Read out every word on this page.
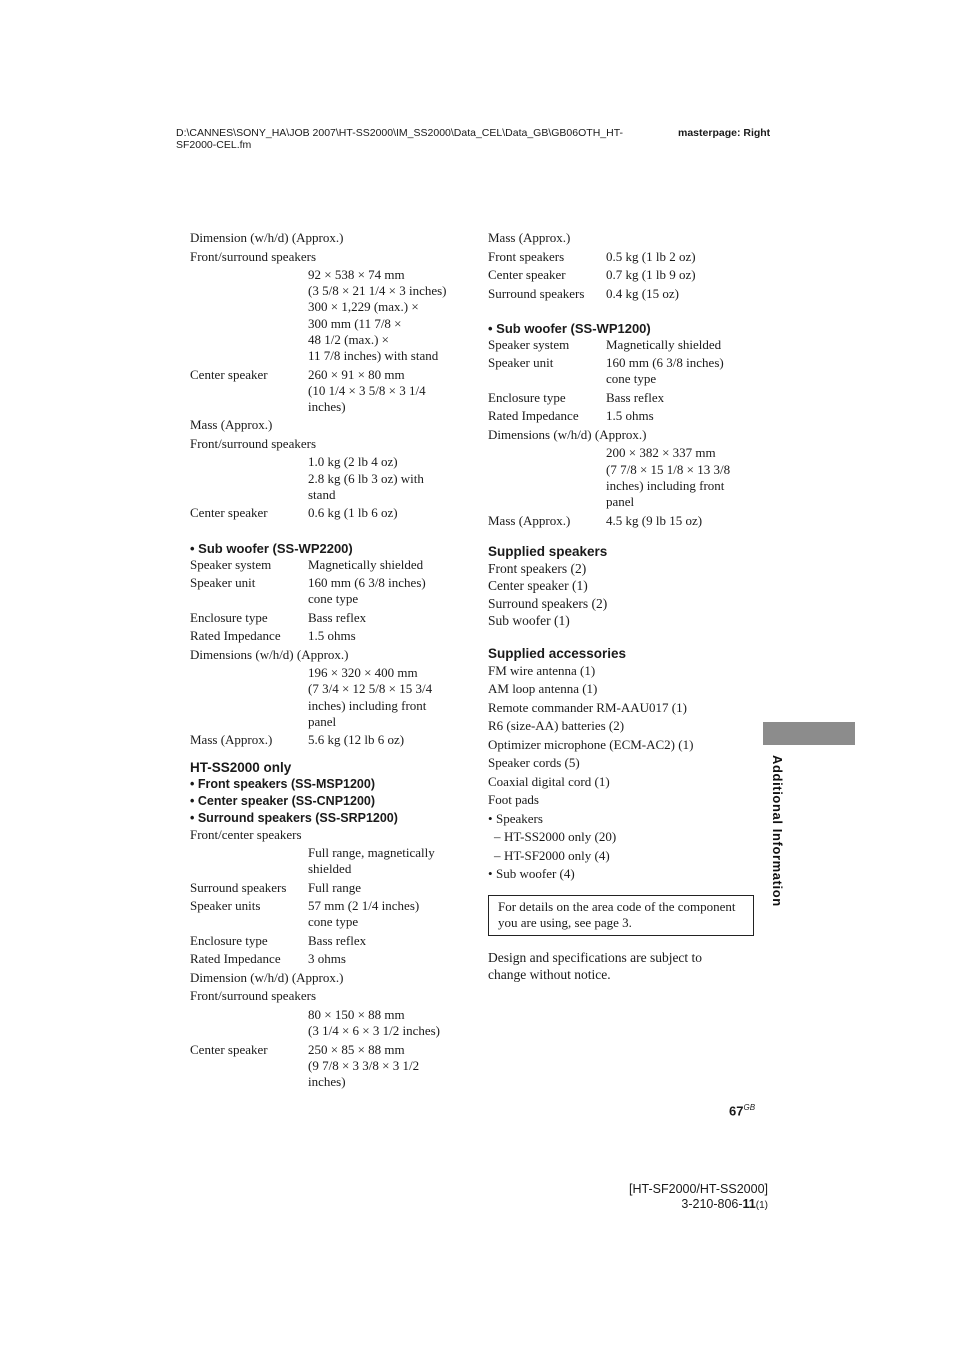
D:\CANNES\SONY_HA\JOB 2007\HT-SS2000\IM_SS2000\Data_CEL\Data_GB\GB06OTH_HT-
SF2000-CEL.fm
masterpage: Right
Dimension (w/h/d) (Approx.)
Front/surround speakers
92 × 538 × 74 mm
(3 5/8 × 21 1/4 × 3 inches)
300 × 1,229 (max.) ×
300 mm (11 7/8 ×
48 1/2 (max.) ×
11 7/8 inches) with stand
Center speaker	260 × 91 × 80 mm
(10 1/4 × 3 5/8 × 3 1/4
inches)
Mass (Approx.)
Front/surround speakers
1.0 kg (2 lb 4 oz)
2.8 kg (6 lb 3 oz) with
stand
Center speaker	0.6 kg (1 lb 6 oz)
• Sub woofer (SS-WP2200)
Speaker system	Magnetically shielded
Speaker unit	160 mm (6 3/8 inches)
cone type
Enclosure type	Bass reflex
Rated Impedance	1.5 ohms
Dimensions (w/h/d) (Approx.)
196 × 320 × 400 mm
(7 3/4 × 12 5/8 × 15 3/4
inches) including front
panel
Mass (Approx.)	5.6 kg (12 lb 6 oz)
HT-SS2000 only
• Front speakers (SS-MSP1200)
• Center speaker (SS-CNP1200)
• Surround speakers (SS-SRP1200)
Front/center speakers
Full range, magnetically
shielded
Surround speakers	Full range
Speaker units	57 mm (2 1/4 inches)
cone type
Enclosure type	Bass reflex
Rated Impedance	3 ohms
Dimension (w/h/d) (Approx.)
Front/surround speakers
80 × 150 × 88 mm
(3 1/4 × 6 × 3 1/2 inches)
Center speaker	250 × 85 × 88 mm
(9 7/8 × 3 3/8 × 3 1/2
inches)
Mass (Approx.)
Front speakers	0.5 kg (1 lb 2 oz)
Center speaker	0.7 kg (1 lb 9 oz)
Surround speakers	0.4 kg (15 oz)
• Sub woofer (SS-WP1200)
Speaker system	Magnetically shielded
Speaker unit	160 mm (6 3/8 inches)
cone type
Enclosure type	Bass reflex
Rated Impedance	1.5 ohms
Dimensions (w/h/d) (Approx.)
200 × 382 × 337 mm
(7 7/8 × 15 1/8 × 13 3/8
inches) including front
panel
Mass (Approx.)	4.5 kg (9 lb 15 oz)
Supplied speakers
Front speakers (2)
Center speaker (1)
Surround speakers (2)
Sub woofer (1)
Supplied accessories
FM wire antenna (1)
AM loop antenna (1)
Remote commander RM-AAU017 (1)
R6 (size-AA) batteries (2)
Optimizer microphone (ECM-AC2) (1)
Speaker cords (5)
Coaxial digital cord (1)
Foot pads
• Speakers
– HT-SS2000 only (20)
– HT-SF2000 only (4)
• Sub woofer (4)
For details on the area code of the component you are using, see page 3.
Design and specifications are subject to change without notice.
Additional Information
$67^{GB}$
[HT-SF2000/HT-SS2000]
3-210-806-11(1)
